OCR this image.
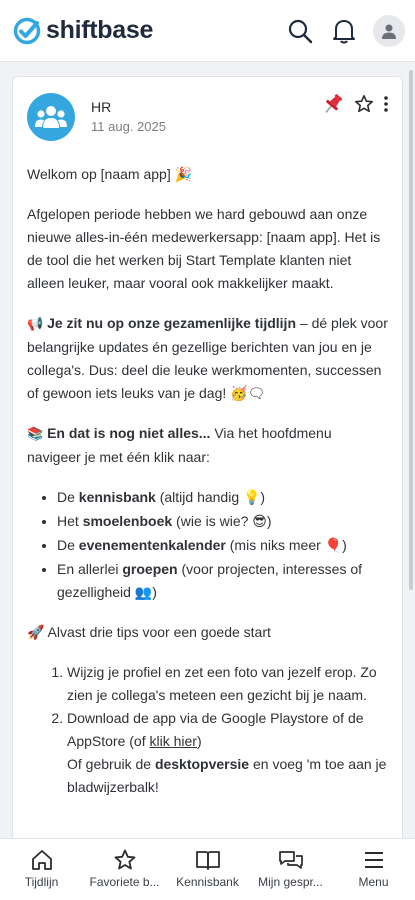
shiftbase
HR
11 aug. 2025

Welkom op [naam app] 🎉

Afgelopen periode hebben we hard gebouwd aan onze nieuwe alles-in-één medewerkersapp: [naam app]. Het is de tool die het werken bij Start Template klanten niet alleen leuker, maar vooral ook makkelijker maakt.

📢 Je zit nu op onze gezamenlijke tijdlijn – dé plek voor belangrijke updates én gezellige berichten van jou en je collega's. Dus: deel die leuke werkmomenten, successen of gewoon iets leuks van je dag! 🥳🗨

📚 En dat is nog niet alles... Via het hoofdmenu navigeer je met één klik naar:

• De kennisbank (altijd handig 💡)
• Het smoelenboek (wie is wie? 😎)
• De evenementenkalender (mis niks meer 🎈)
• En allerlei groepen (voor projecten, interesses of gezelligheid 👥)

🚀 Alvast drie tips voor een goede start

1. Wijzig je profiel en zet een foto van jezelf erop. Zo zien je collega's meteen een gezicht bij je naam.
2. Download de app via de Google Playstore of de AppStore (of klik hier)
Of gebruik de desktopversie en voeg 'm toe aan je bladwijzerbalk!
Tijdlijn	Favoriete b... Kennisbank Mijn gespr...	Menu
